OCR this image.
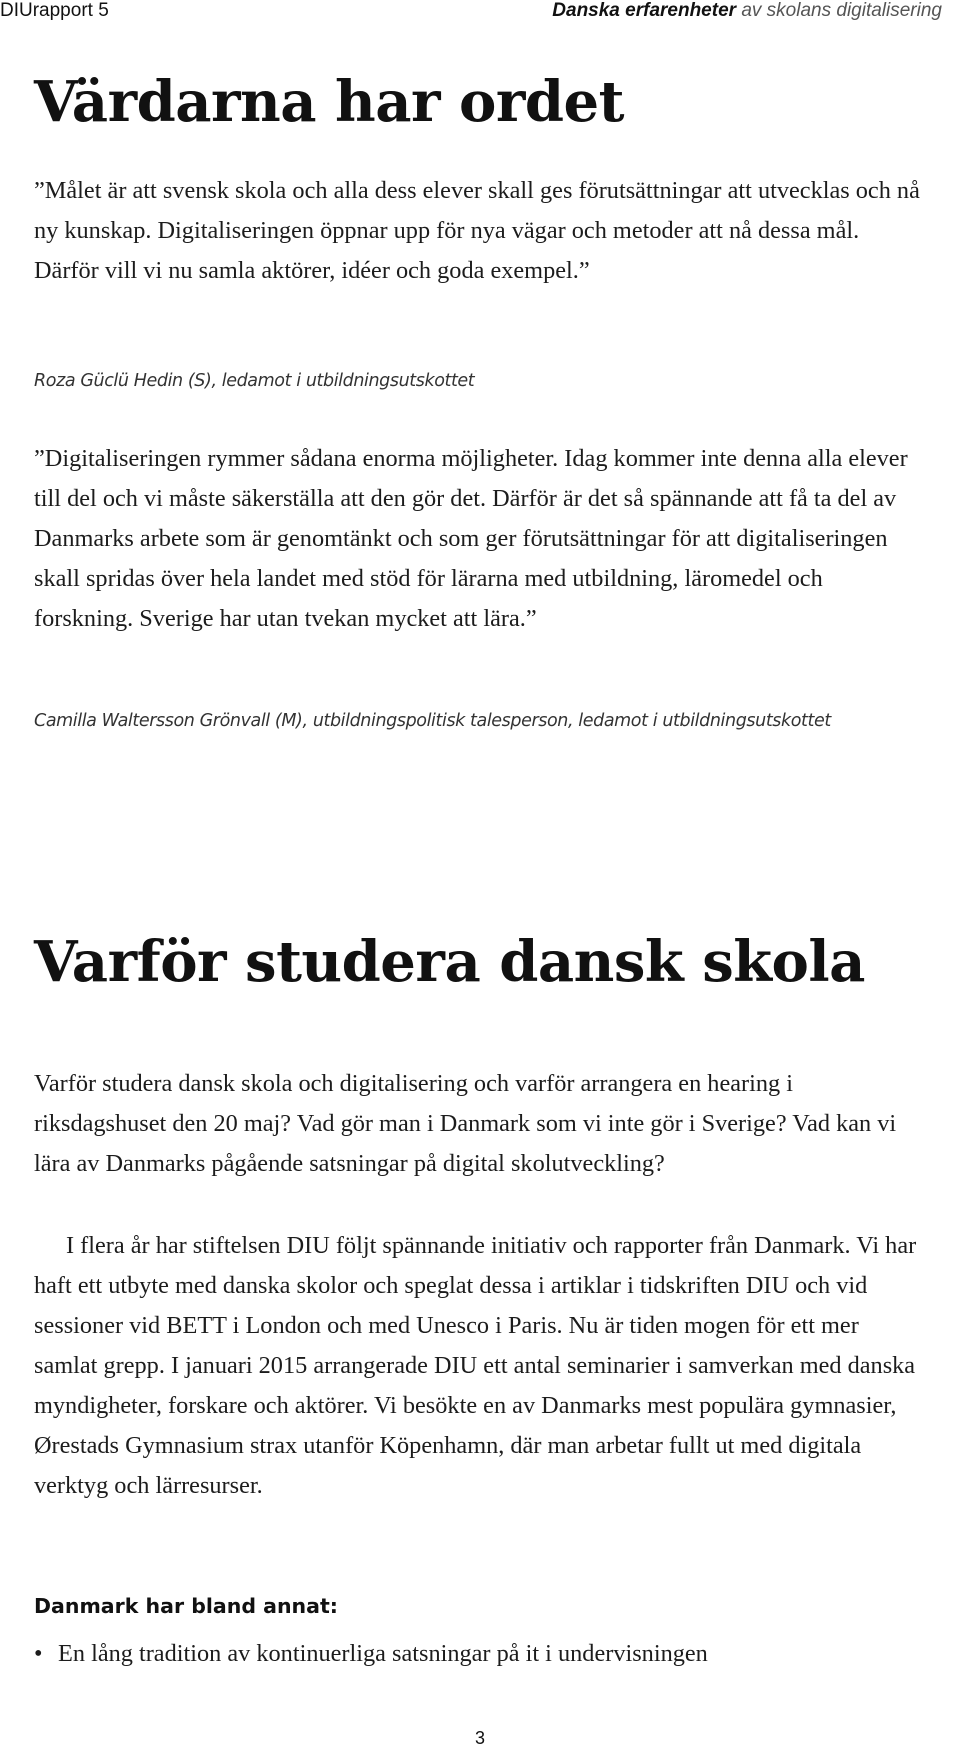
DIUrapport 5	Danska erfarenheter av skolans digitalisering
Värdarna har ordet

”Målet är att svensk skola och alla dess elever skall ges förutsättningar att utvecklas och nå ny kunskap. Digitaliseringen öppnar upp för nya vägar och metoder att nå dessa mål. Därför vill vi nu samla aktörer, idéer och goda exempel.”

Roza Güclü Hedin (S), ledamot i utbildningsutskottet

”Digitaliseringen rymmer sådana enorma möjligheter. Idag kommer inte denna alla elever till del och vi måste säkerställa att den gör det. Därför är det så spännande att få ta del av Danmarks arbete som är genomtänkt och som ger förutsättningar för att digitaliseringen skall spridas över hela landet med stöd för lärarna med utbildning, läromedel och forskning. Sverige har utan tvekan mycket att lära.”

Camilla Waltersson Grönvall (M), utbildningspolitisk talesperson, ledamot i utbildningsutskottet

Varför studera dansk skola

Varför studera dansk skola och digitalisering och varför arrangera en hearing i riksdagshuset den 20 maj? Vad gör man i Danmark som vi inte gör i Sverige? Vad kan vi lära av Danmarks pågående satsningar på digital skolutveckling?

I flera år har stiftelsen DIU följt spännande initiativ och rapporter från Danmark. Vi har haft ett utbyte med danska skolor och speglat dessa i artiklar i tidskriften DIU och vid sessioner vid BETT i London och med Unesco i Paris. Nu är tiden mogen för ett mer samlat grepp. I januari 2015 arrangerade DIU ett antal seminarier i samverkan med danska myndigheter, forskare och aktörer. Vi besökte en av Danmarks mest populära gymnasier, Ørestads Gymnasium strax utanför Köpenhamn, där man arbetar fullt ut med digitala verktyg och lärresurser.

Danmark har bland annat:
• En lång tradition av kontinuerliga satsningar på it i undervisningen
3
